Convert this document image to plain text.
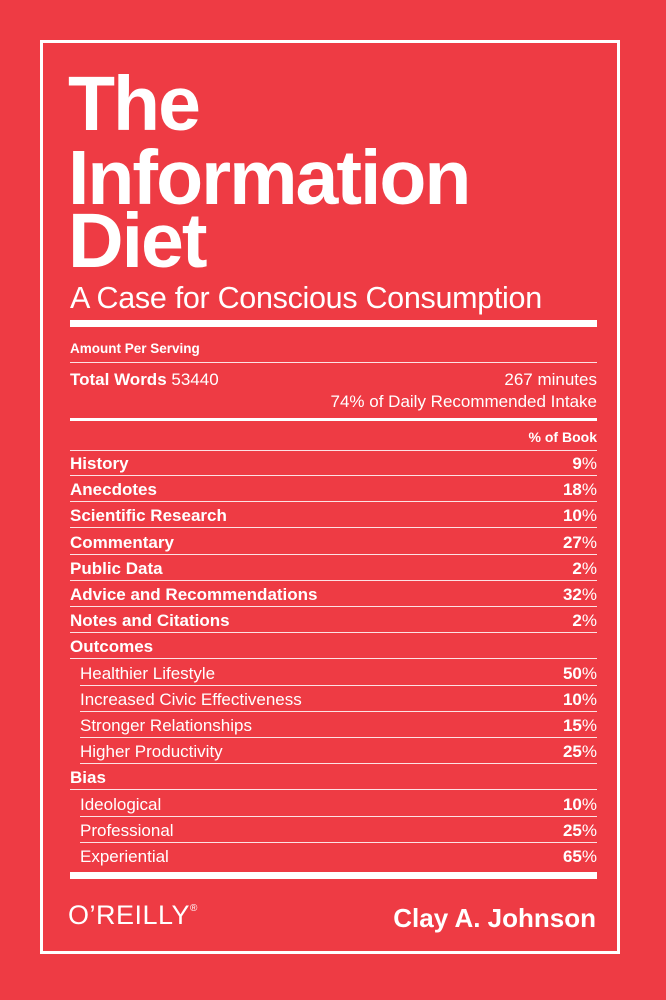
The
Information
Diet
A Case for Conscious Consumption
Amount Per Serving
Total Words 53440	267 minutes
74% of Daily Recommended Intake
% of Book
History	9%
Anecdotes	18%
Scientific Research	10%
Commentary	27%
Public Data	2%
Advice and Recommendations	32%
Notes and Citations	2%
Outcomes
Healthier Lifestyle	50%
Increased Civic Effectiveness	10%
Stronger Relationships	15%
Higher Productivity	25%
Bias
Ideological	10%
Professional	25%
Experiential	65%
O’REILLY®	Clay A. Johnson
